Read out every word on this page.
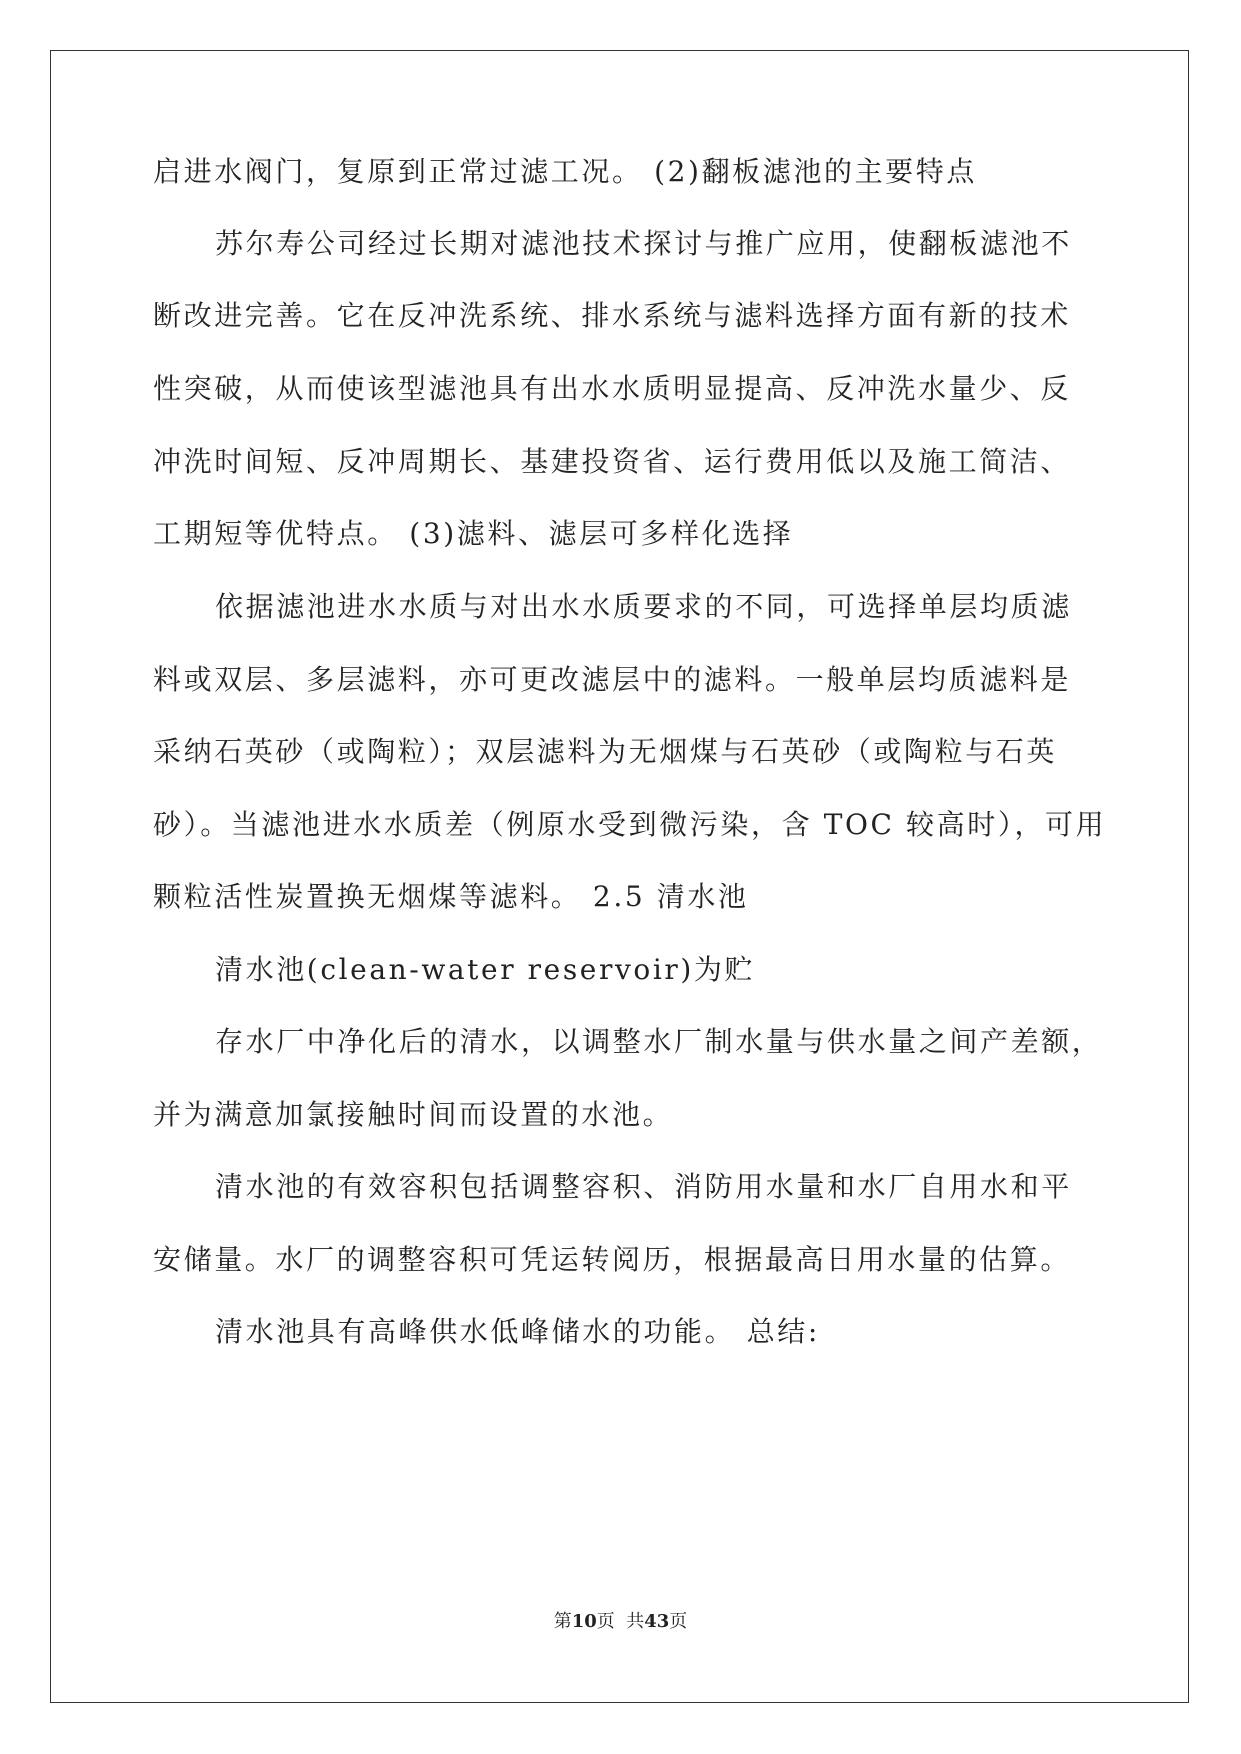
启进水阀门，复原到正常过滤工况。 (2)翻板滤池的主要特点
苏尔寿公司经过长期对滤池技术探讨与推广应用，使翻板滤池不
断改进完善。它在反冲洗系统、排水系统与滤料选择方面有新的技术
性突破，从而使该型滤池具有出水水质明显提高、反冲洗水量少、反
冲洗时间短、反冲周期长、基建投资省、运行费用低以及施工简洁、
工期短等优特点。 (3)滤料、滤层可多样化选择
依据滤池进水水质与对出水水质要求的不同，可选择单层均质滤
料或双层、多层滤料，亦可更改滤层中的滤料。一般单层均质滤料是
采纳石英砂（或陶粒）；双层滤料为无烟煤与石英砂（或陶粒与石英
砂）。当滤池进水水质差（例原水受到微污染，含 TOC 较高时），可用
颗粒活性炭置换无烟煤等滤料。 2.5 清水池
清水池(clean-water reservoir)为贮
存水厂中净化后的清水，以调整水厂制水量与供水量之间产差额，
并为满意加氯接触时间而设置的水池。
清水池的有效容积包括调整容积、消防用水量和水厂自用水和平
安储量。水厂的调整容积可凭运转阅历，根据最高日用水量的估算。
清水池具有高峰供水低峰储水的功能。 总结:
第10页  共43页
